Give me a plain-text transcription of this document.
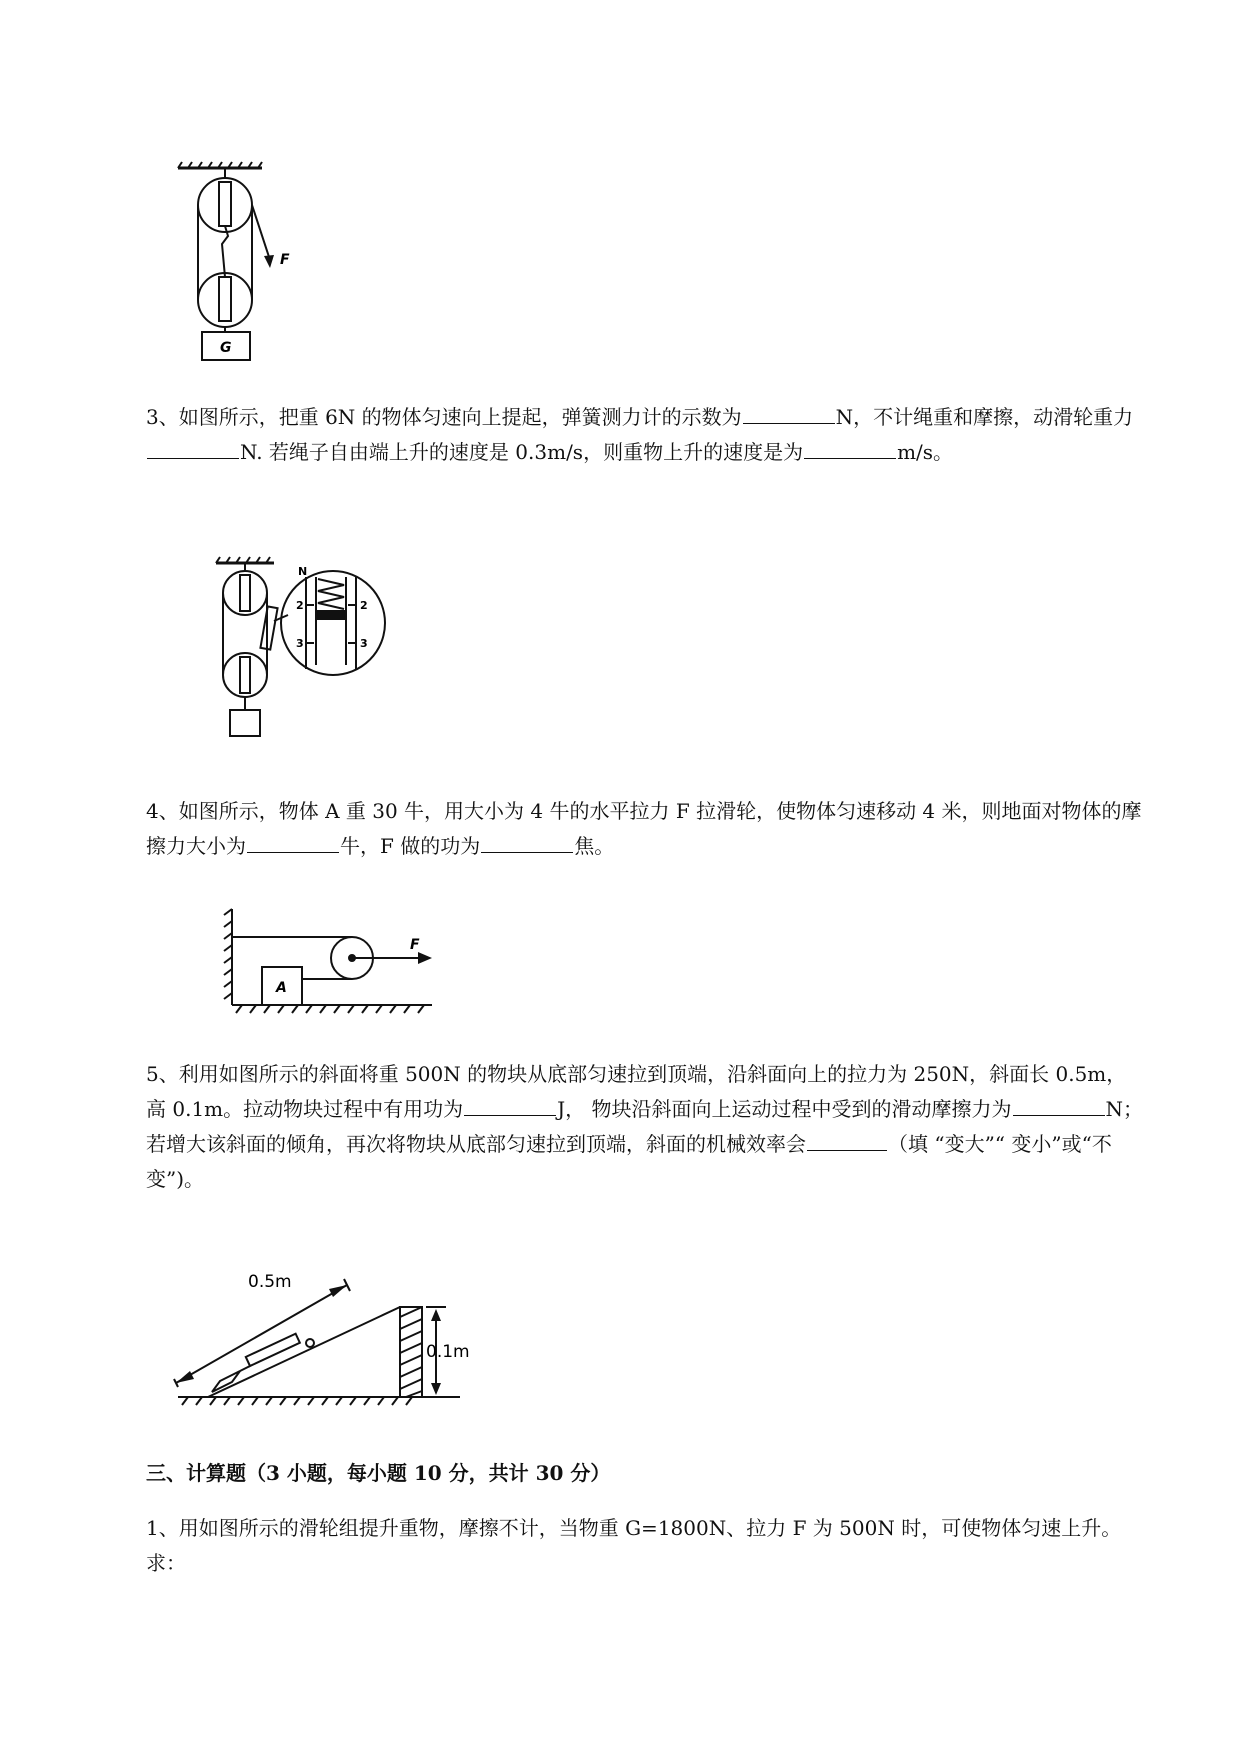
F
G
3、如图所示，把重 6N 的物体匀速向上提起，弹簧测力计的示数为	N，不计绳重和摩擦，动滑轮重力N. 若绳子自由端上升的速度是 0.3m/s，则重物上升的速度是为	m/s。
N
2	2
3	3
4、如图所示，物体 A 重 30 牛，用大小为 4 牛的水平拉力 F 拉滑轮，使物体匀速移动 4 米，则地面对物体的摩擦力大小为	牛，F 做的功为	焦。
F
A
5、利用如图所示的斜面将重 500N 的物块从底部匀速拉到顶端，沿斜面向上的拉力为 250N，斜面长 0.5m，高 0.1m。拉动物块过程中有用功为	J， 物块沿斜面向上运动过程中受到的滑动摩擦力为	N； 若增大该斜面的倾角，再次将物块从底部匀速拉到顶端，斜面的机械效率会	（填 “变大”“ 变小”或“不变”)。
0.5m
0.1m
三、计算题（3 小题，每小题 10 分，共计 30 分）
1、用如图所示的滑轮组提升重物，摩擦不计，当物重 G=1800N、拉力 F 为 500N 时，可使物体匀速上升。求：
